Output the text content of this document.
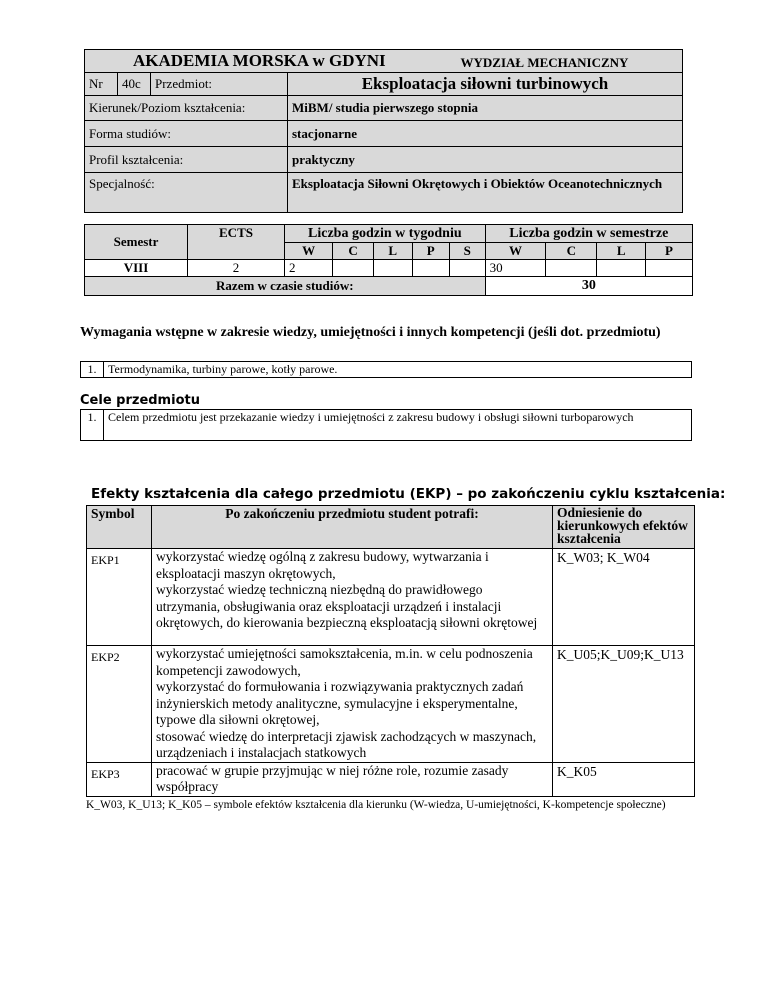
AKADEMIA MORSKA w GDYNI WYDZIAŁ MECHANICZNY			

Nr	40c	Przedmiot:	Eksploatacja siłowni turbinowych
Kierunek/Poziom kształcenia:			MiBM/ studia pierwszego stopnia
Forma studiów:			stacjonarne
Profil kształcenia:			praktyczny
Specjalność:			Eksploatacja Siłowni Okrętowych i Obiektów Oceanotechnicznych
Semestr	ECTS	Liczba godzin w tygodniu					Liczba godzin w semestrze			
		W	C	L	P	S	W	C	L	P
VIII	2	2					30			
Razem w czasie studiów:							30			
Wymagania wstępne w zakresie wiedzy, umiejętności i innych kompetencji (jeśli dot. przedmiotu)
1.	Termodynamika, turbiny parowe, kotły parowe.
Cele przedmiotu
1.	Celem przedmiotu jest przekazanie wiedzy i umiejętności z zakresu budowy i obsługi siłowni turboparowych
Efekty kształcenia dla całego przedmiotu (EKP) – po zakończeniu cyklu kształcenia:
Symbol	Po zakończeniu przedmiotu student potrafi:	Odniesienie do kierunkowych efektów kształcenia
EKP1	wykorzystać wiedzę ogólną z zakresu budowy, wytwarzania i eksploatacji maszyn okrętowych,
wykorzystać wiedzę techniczną niezbędną do prawidłowego utrzymania, obsługiwania oraz eksploatacji urządzeń i instalacji okrętowych, do kierowania bezpieczną eksploatacją siłowni okrętowej	K_W03; K_W04
EKP2	wykorzystać umiejętności samokształcenia, m.in. w celu podnoszenia kompetencji zawodowych,
wykorzystać do formułowania i rozwiązywania praktycznych zadań inżynierskich metody analityczne, symulacyjne i eksperymentalne, typowe dla siłowni okrętowej,
stosować wiedzę do interpretacji zjawisk zachodzących w maszynach, urządzeniach i instalacjach statkowych	K_U05;K_U09;K_U13
EKP3	pracować w grupie przyjmując w niej różne role, rozumie zasady współpracy	K_K05
K_W03, K_U13; K_K05 – symbole efektów kształcenia dla kierunku (W-wiedza, U-umiejętności, K-kompetencje społeczne)
